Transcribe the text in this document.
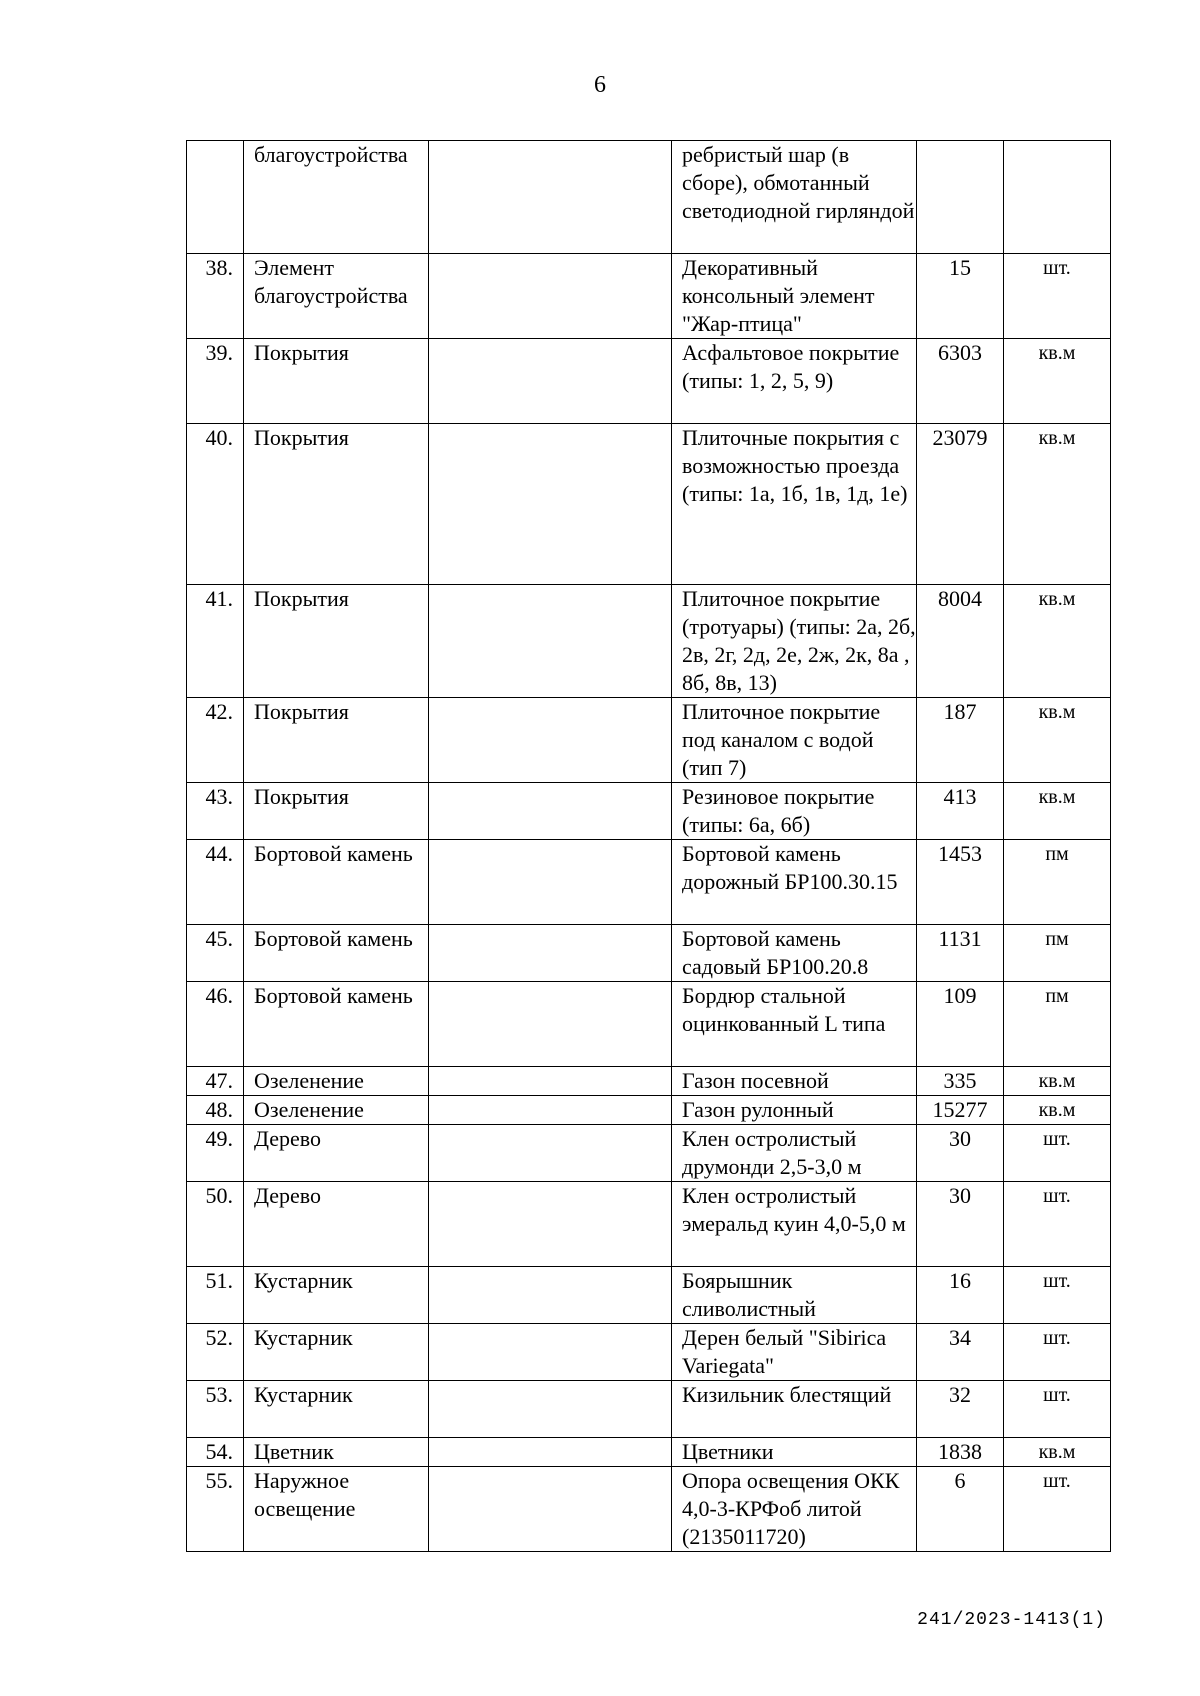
6
	благоустройства		ребристый шар (в сборе), обмотанный светодиодной гирляндой		
38.	Элемент благоустройства		Декоративный консольный элемент "Жар-птица"	15	шт.
39.	Покрытия		Асфальтовое покрытие (типы: 1, 2, 5, 9)	6303	кв.м
40.	Покрытия		Плиточные покрытия с возможностью проезда (типы: 1а, 1б, 1в, 1д, 1е)	23079	кв.м
41.	Покрытия		Плиточное покрытие (тротуары) (типы: 2а, 2б, 2в, 2г, 2д, 2е, 2ж, 2к, 8а , 8б, 8в, 13)	8004	кв.м
42.	Покрытия		Плиточное покрытие под каналом с водой (тип 7)	187	кв.м
43.	Покрытия		Резиновое покрытие (типы: 6а, 6б)	413	кв.м
44.	Бортовой камень		Бортовой камень дорожный БР100.30.15	1453	пм
45.	Бортовой камень		Бортовой камень садовый БР100.20.8	1131	пм
46.	Бортовой камень		Бордюр стальной оцинкованный L типа	109	пм
47.	Озеленение		Газон посевной	335	кв.м
48.	Озеленение		Газон рулонный	15277	кв.м
49.	Дерево		Клен остролистый друмонди 2,5-3,0 м	30	шт.
50.	Дерево		Клен остролистый эмеральд куин 4,0-5,0 м	30	шт.
51.	Кустарник		Боярышник сливолистный	16	шт.
52.	Кустарник		Дерен белый "Sibirica Variegata"	34	шт.
53.	Кустарник		Кизильник блестящий	32	шт.
54.	Цветник		Цветники	1838	кв.м
55.	Наружное освещение		Опора освещения ОКК 4,0-3-КРФоб литой (2135011720)	6	шт.
241/2023-1413(1)
